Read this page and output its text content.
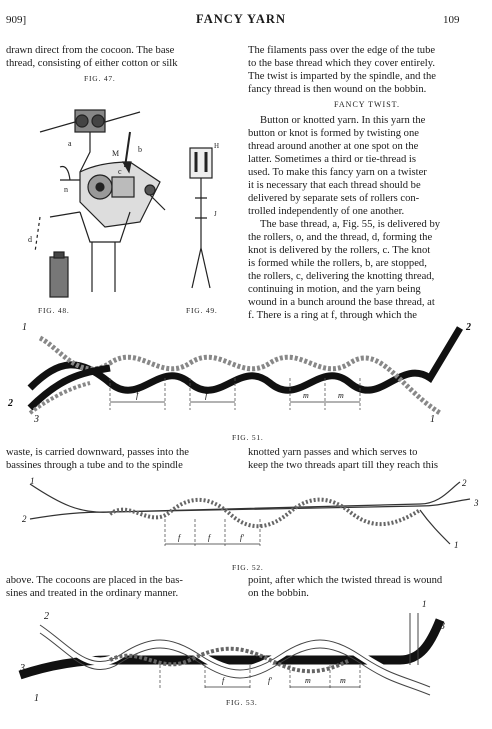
909]	FANCY YARN	109

drawn direct from the cocoon. The base

thread, consisting of either cotton or silk

FIG. 47.

The filaments pass over the edge of the tube

to the base thread which they cover entirely.

The twist is imparted by the spindle, and the

fancy thread is then wound on the bobbin.

FANCY TWIST.

Button or knotted yarn. In this yarn the

button or knot is formed by twisting one

thread around another at one spot on the

latter. Sometimes a third or tie-thread is

used. To make this fancy yarn on a twister

it is necessary that each thread should be

delivered by separate sets of rollers con-

trolled independently of one another.

The base thread, a, Fig. 55, is delivered by

the rollers, o, and the thread, d, forming the

knot is delivered by the rollers, c. The knot

is formed while the rollers, b, are stopped,

the rollers, c, delivering the knotting thread,

continuing in motion, and the yarn being

wound in a bunch around the base thread, at

f. There is a ring at f, through which the

a
n
M b
c
d
FIG. 48.
H
J
FIG. 49.
1	2
2
3	1
f	f'	m	m
FIG. 51.

waste, is carried downward, passes into the

bassines through a tube and to the spindle

knotted yarn passes and which serves to

keep the two threads apart till they reach this

1	2
2
3
1
f	f	f'
FIG. 52.

above. The cocoons are placed in the bas-

sines and treated in the ordinary manner.

point, after which the twisted thread is wound

on the bobbin.

2
1
3
3
1
f	f'	m	m
FIG. 53.
